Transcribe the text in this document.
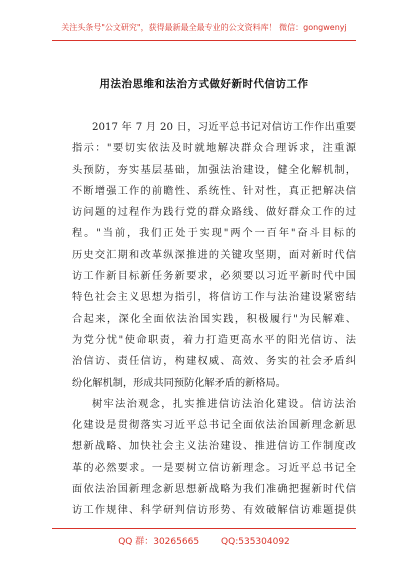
关注头条号"公文研究"，获得最新最全最专业的公文资料库！ 微信：gongwenyj
用法治思维和法治方式做好新时代信访工作
2017 年 7 月 20 日，习近平总书记对信访工作作出重要
指示："要切实依法及时就地解决群众合理诉求，注重源
头预防，夯实基层基础，加强法治建设，健全化解机制，
不断增强工作的前瞻性、系统性、针对性，真正把解决信
访问题的过程作为践行党的群众路线、做好群众工作的过
程。"当前，我们正处于实现"两个一百年"奋斗目标的
历史交汇期和改革纵深推进的关键攻坚期，面对新时代信
访工作新目标新任务新要求，必须要以习近平新时代中国
特色社会主义思想为指引，将信访工作与法治建设紧密结
合起来，深化全面依法治国实践，积极履行"为民解难、
为党分忧"使命职责，着力打造更高水平的阳光信访、法
治信访、责任信访，构建权威、高效、务实的社会矛盾纠
纷化解机制，形成共同预防化解矛盾的新格局。
树牢法治观念，扎实推进信访法治化建设。信访法治
化建设是贯彻落实习近平总书记全面依法治国新理念新思
想新战略、加快社会主义法治建设、推进信访工作制度改
革的必然要求。一是要树立信访新理念。习近平总书记全
面依法治国新理念新思想新战略为我们准确把握新时代信
访工作规律、科学研判信访形势、有效破解信访难题提供
QQ 群：30265665 QQ:535304092
